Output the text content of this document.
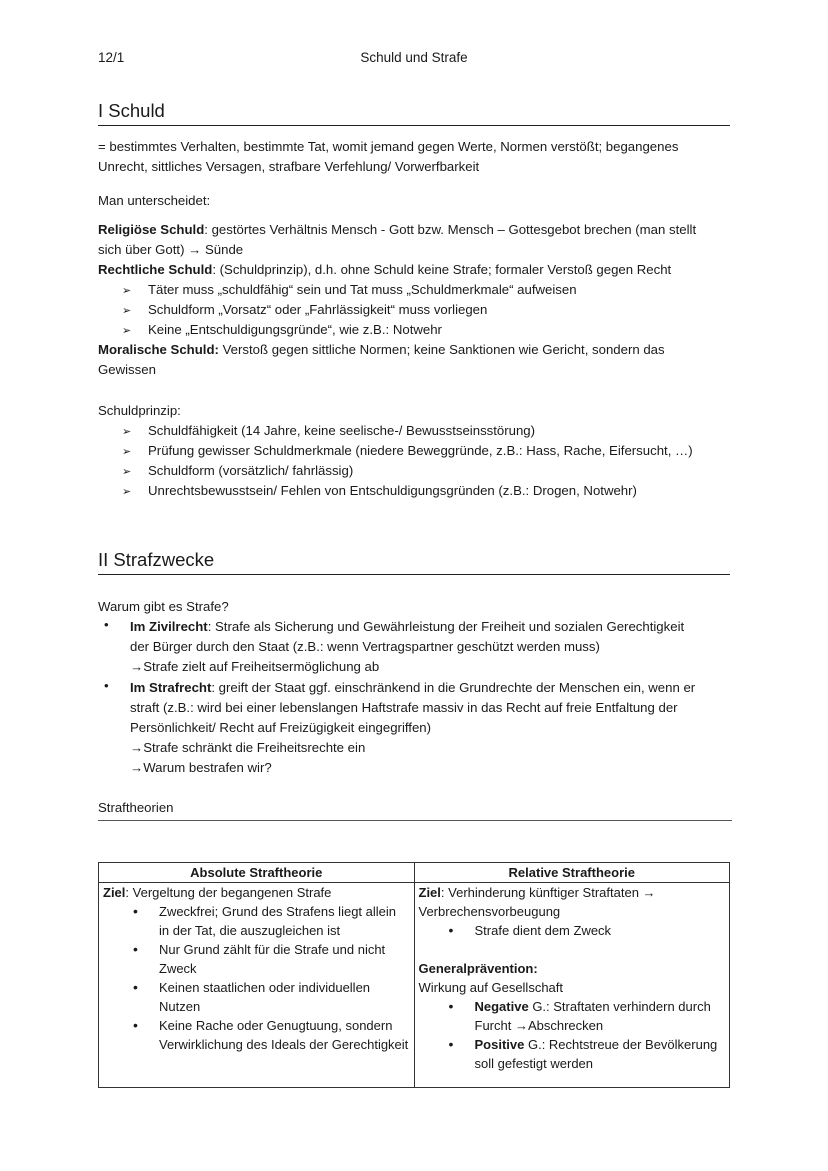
12/1	Schuld und Strafe
I Schuld
= bestimmtes Verhalten, bestimmte Tat, womit jemand gegen Werte, Normen verstößt; begangenes
Unrecht, sittliches Versagen, strafbare Verfehlung/ Vorwerfbarkeit
Man unterscheidet:
Religiöse Schuld: gestörtes Verhältnis Mensch - Gott bzw. Mensch – Gottesgebot brechen (man stellt
sich über Gott) → Sünde
Rechtliche Schuld: (Schuldprinzip), d.h. ohne Schuld keine Strafe; formaler Verstoß gegen Recht
➢ Täter muss „schuldfähig“ sein und Tat muss „Schuldmerkmale“ aufweisen
➢ Schuldform „Vorsatz“ oder „Fahrlässigkeit“ muss vorliegen
➢ Keine „Entschuldigungsgründe“, wie z.B.: Notwehr
Moralische Schuld: Verstoß gegen sittliche Normen; keine Sanktionen wie Gericht, sondern das
Gewissen
Schuldprinzip:
➢ Schuldfähigkeit (14 Jahre, keine seelische-/ Bewusstseinsstörung)
➢ Prüfung gewisser Schuldmerkmale (niedere Beweggründe, z.B.: Hass, Rache, Eifersucht, …)
➢ Schuldform (vorsätzlich/ fahrlässig)
➢ Unrechtsbewusstsein/ Fehlen von Entschuldigungsgründen (z.B.: Drogen, Notwehr)
II Strafzwecke
Warum gibt es Strafe?
• Im Zivilrecht: Strafe als Sicherung und Gewährleistung der Freiheit und sozialen Gerechtigkeit
der Bürger durch den Staat (z.B.: wenn Vertragspartner geschützt werden muss)
→Strafe zielt auf Freiheitsermöglichung ab
• Im Strafrecht: greift der Staat ggf. einschränkend in die Grundrechte der Menschen ein, wenn er
straft (z.B.: wird bei einer lebenslangen Haftstrafe massiv in das Recht auf freie Entfaltung der
Persönlichkeit/ Recht auf Freizügigkeit eingegriffen)
→Strafe schränkt die Freiheitsrechte ein
→Warum bestrafen wir?
Straftheorien
Absolute Straftheorie	Relative Straftheorie

Ziel: Vergeltung der begangenen Strafe
• Zweckfrei; Grund des Strafens liegt allein in der Tat, die auszugleichen ist
• Nur Grund zählt für die Strafe und nicht Zweck
• Keinen staatlichen oder individuellen Nutzen
• Keine Rache oder Genugtuung, sondern Verwirklichung des Ideals der Gerechtigkeit

Ziel: Verhinderung künftiger Straftaten → Verbrechensvorbeugung
• Strafe dient dem Zweck
Generalprävention:
Wirkung auf Gesellschaft
• Negative G.: Straftaten verhindern durch Furcht →Abschrecken
• Positive G.: Rechtstreue der Bevölkerung soll gefestigt werden
